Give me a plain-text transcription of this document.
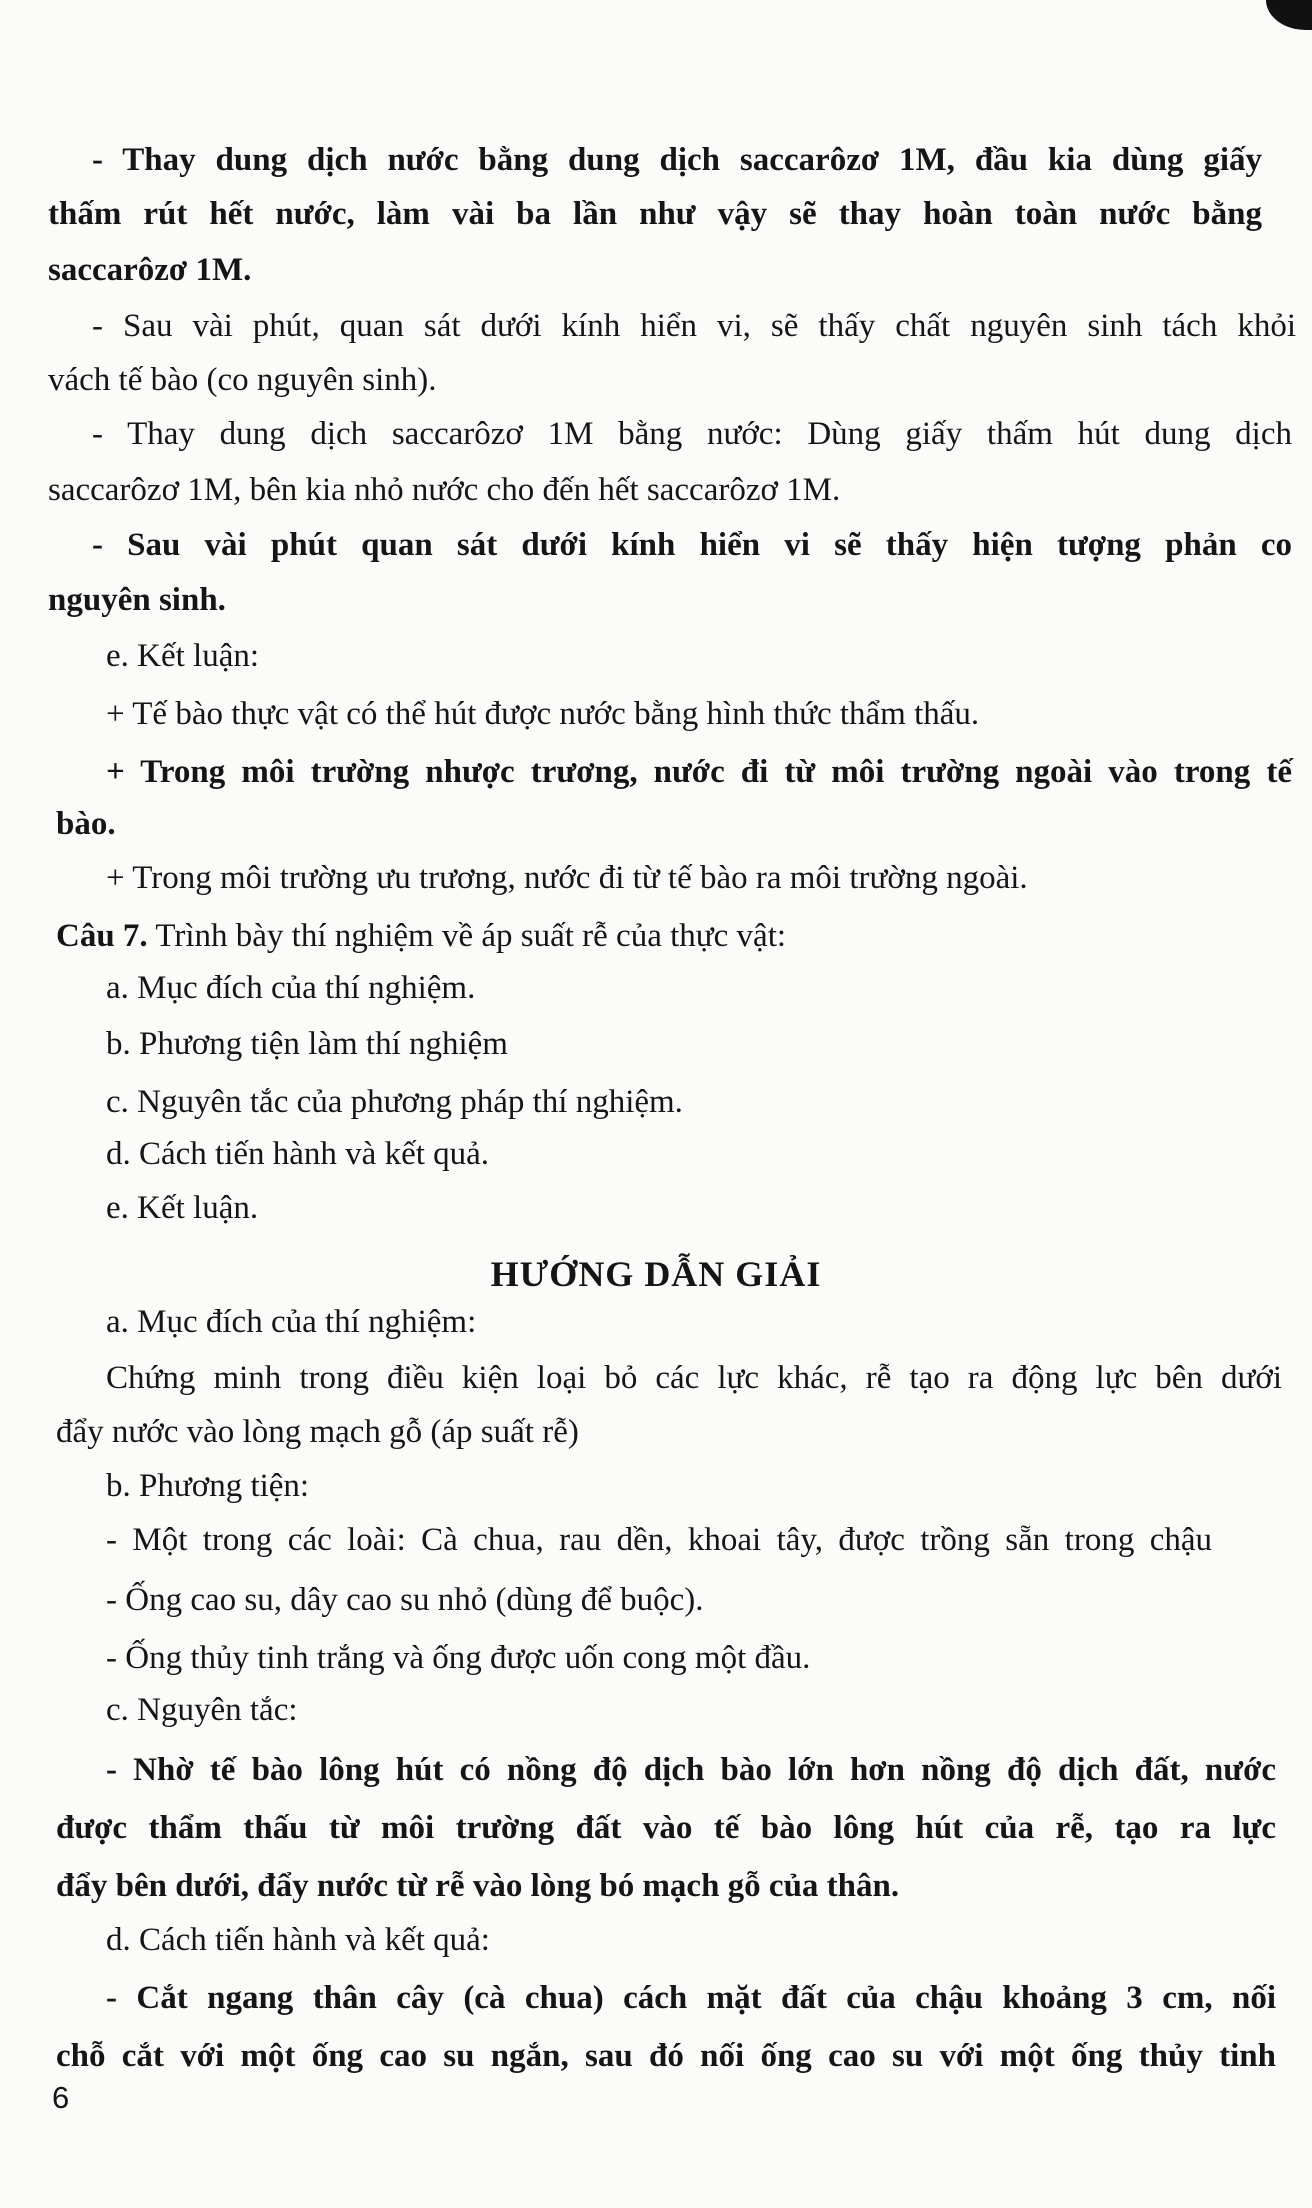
- Thay dung dịch nước bằng dung dịch saccarôzơ 1M, đầu kia dùng giấy
thấm rút hết nước, làm vài ba lần như vậy sẽ thay hoàn toàn nước bằng
saccarôzơ 1M.
- Sau vài phút, quan sát dưới kính hiển vi, sẽ thấy chất nguyên sinh tách khỏi
vách tế bào (co nguyên sinh).
- Thay dung dịch saccarôzơ 1M bằng nước: Dùng giấy thấm hút dung dịch
saccarôzơ 1M, bên kia nhỏ nước cho đến hết saccarôzơ 1M.
- Sau vài phút quan sát dưới kính hiển vi sẽ thấy hiện tượng phản co
nguyên sinh.
e. Kết luận:
+ Tế bào thực vật có thể hút được nước bằng hình thức thẩm thấu.
+ Trong môi trường nhược trương, nước đi từ môi trường ngoài vào trong tế
bào.
+ Trong môi trường ưu trương, nước đi từ tế bào ra môi trường ngoài.
Câu 7. Trình bày thí nghiệm về áp suất rễ của thực vật:
a. Mục đích của thí nghiệm.
b. Phương tiện làm thí nghiệm
c. Nguyên tắc của phương pháp thí nghiệm.
d. Cách tiến hành và kết quả.
e. Kết luận.
HƯỚNG DẪN GIẢI
a. Mục đích của thí nghiệm:
Chứng minh trong điều kiện loại bỏ các lực khác, rễ tạo ra động lực bên dưới
đẩy nước vào lòng mạch gỗ (áp suất rễ)
b. Phương tiện:
- Một trong các loài: Cà chua, rau dền, khoai tây, được trồng sẵn trong chậu
- Ống cao su, dây cao su nhỏ (dùng để buộc).
- Ống thủy tinh trắng và ống được uốn cong một đầu.
c. Nguyên tắc:
- Nhờ tế bào lông hút có nồng độ dịch bào lớn hơn nồng độ dịch đất, nước
được thẩm thấu từ môi trường đất vào tế bào lông hút của rễ, tạo ra lực
đẩy bên dưới, đẩy nước từ rễ vào lòng bó mạch gỗ của thân.
d. Cách tiến hành và kết quả:
- Cắt ngang thân cây (cà chua) cách mặt đất của chậu khoảng 3 cm, nối
chỗ cắt với một ống cao su ngắn, sau đó nối ống cao su với một ống thủy tinh
6
